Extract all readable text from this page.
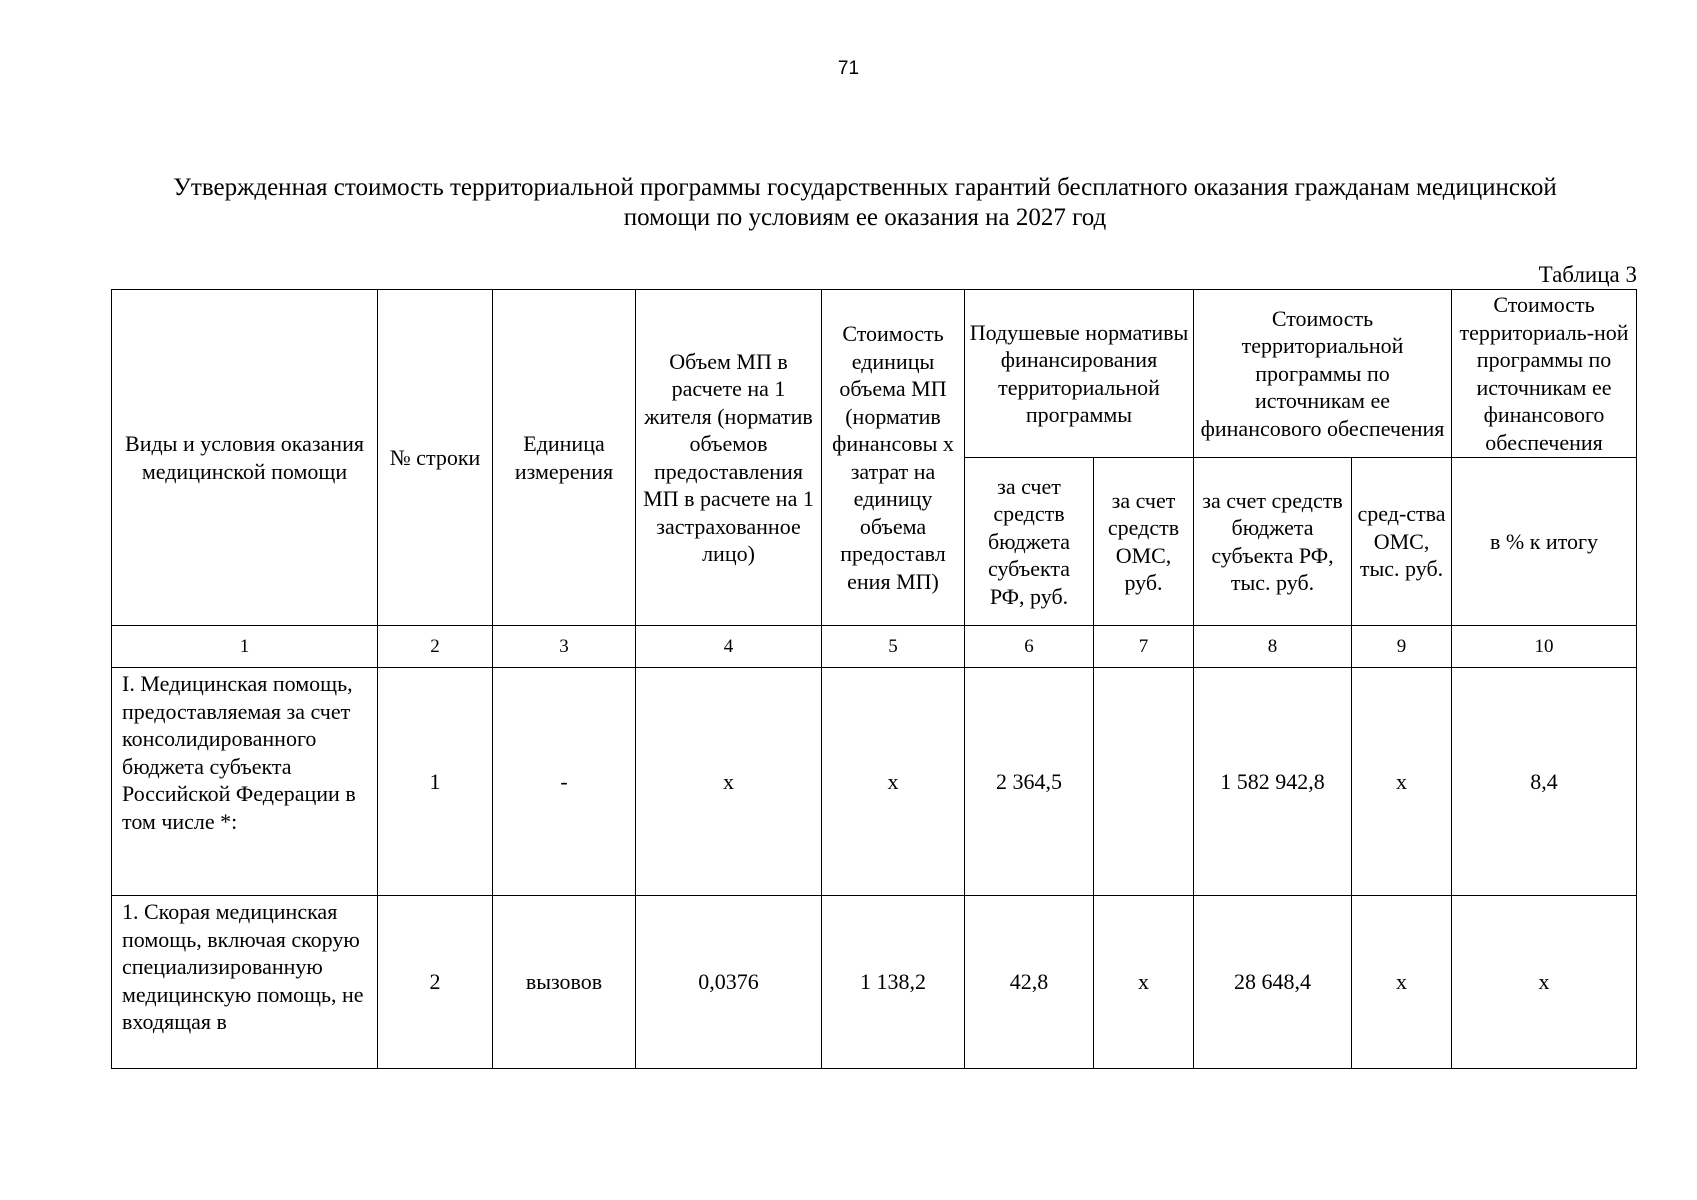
71
Утвержденная стоимость территориальной программы государственных гарантий бесплатного оказания гражданам медицинской
помощи по условиям ее оказания на 2027 год
Таблица 3
Виды и условия оказания медицинской помощи	№ строки	Единица измерения	Объем МП в расчете на 1 жителя (норматив объемов предоставления МП в расчете на 1 застрахованное лицо)	Стоимость единицы объема МП (норматив финансовы х затрат на единицу объема предоставл ения МП)	Подушевые нормативы финансирования территориальной программы		Стоимость территориальной программы по источникам ее финансового обеспечения		Стоимость территориаль-ной программы по источникам ее финансового обеспечения
					за счет средств бюджета субъекта РФ, руб.	за счет средств ОМС, руб.	за счет средств бюджета субъекта РФ, тыс. руб.	сред-ства ОМС, тыс. руб.	в % к итогу
1	2	3	4	5	6	7	8	9	10
I. Медицинская помощь, предоставляемая за счет консолидированного бюджета субъекта Российской Федерации в том числе *:	1	-	х	х	2 364,5		1 582 942,8	х	8,4
1. Скорая медицинская помощь, включая скорую специализированную медицинскую помощь, не входящая в	2	вызовов	0,0376	1 138,2	42,8	х	28 648,4	х	х
